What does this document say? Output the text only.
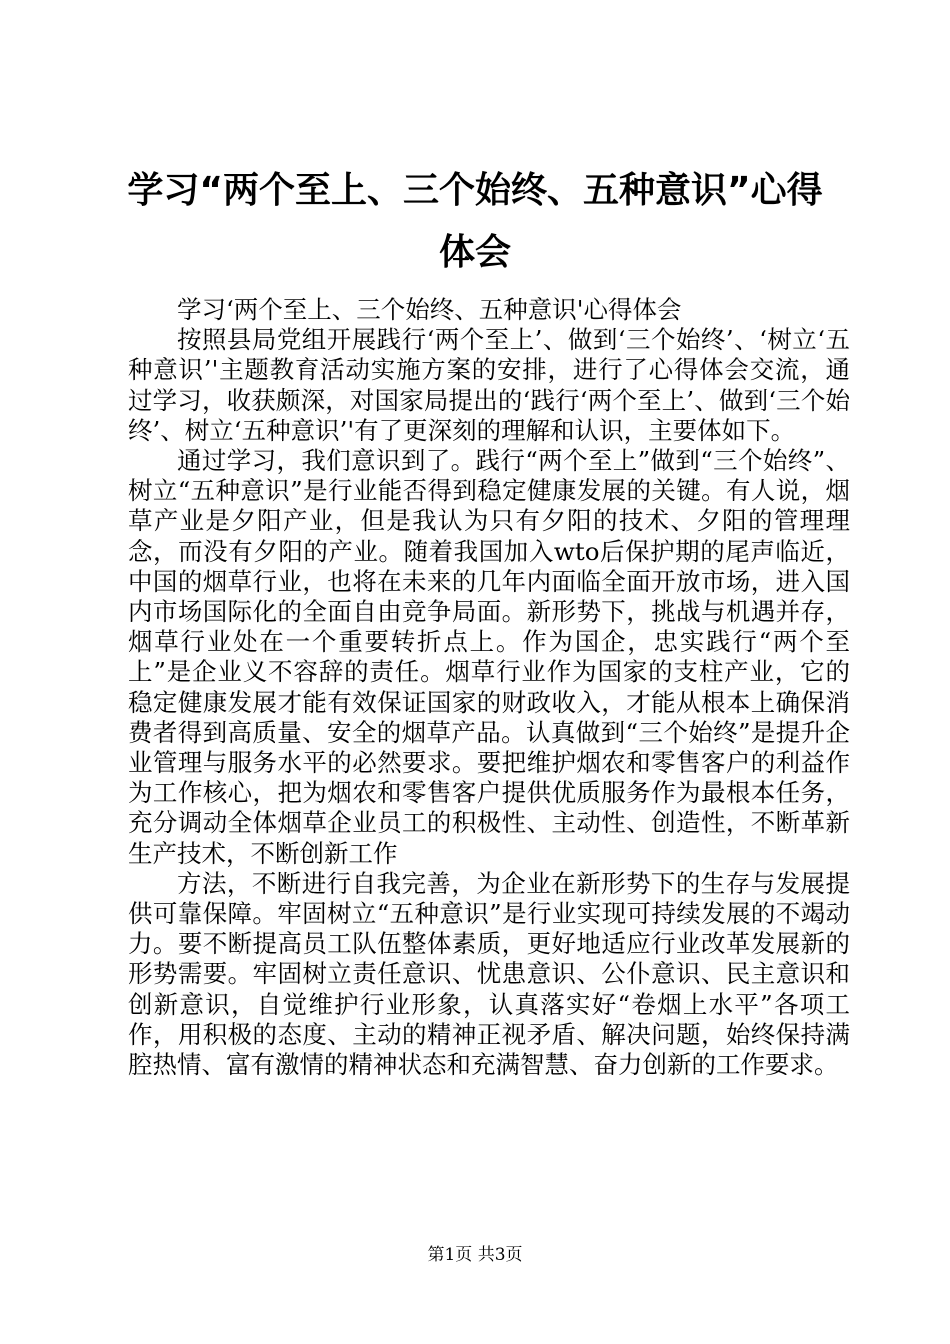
学习“两个至上、三个始终、五种意识”心得体会

学习‘两个至上、三个始终、五种意识'心得体会

按照县局党组开展践行‘两个至上’、做到‘三个始终’、‘树立‘五种意识’'主题教育活动实施方案的安排，进行了心得体会交流，通过学习，收获颇深，对国家局提出的‘践行‘两个至上’、做到‘三个始终’、树立‘五种意识’'有了更深刻的理解和认识，主要体如下。

通过学习，我们意识到了。践行“两个至上”做到“三个始终”、树立“五种意识”是行业能否得到稳定健康发展的关键。有人说，烟草产业是夕阳产业，但是我认为只有夕阳的技术、夕阳的管理理念，而没有夕阳的产业。随着我国加入wto后保护期的尾声临近，中国的烟草行业，也将在未来的几年内面临全面开放市场，进入国内市场国际化的全面自由竞争局面。新形势下，挑战与机遇并存，烟草行业处在一个重要转折点上。作为国企，忠实践行“两个至上”是企业义不容辞的责任。烟草行业作为国家的支柱产业，它的稳定健康发展才能有效保证国家的财政收入，才能从根本上确保消费者得到高质量、安全的烟草产品。认真做到“三个始终”是提升企业管理与服务水平的必然要求。要把维护烟农和零售客户的利益作为工作核心，把为烟农和零售客户提供优质服务作为最根本任务，充分调动全体烟草企业员工的积极性、主动性、创造性，不断革新生产技术，不断创新工作

方法，不断进行自我完善，为企业在新形势下的生存与发展提供可靠保障。牢固树立“五种意识”是行业实现可持续发展的不竭动力。要不断提高员工队伍整体素质，更好地适应行业改革发展新的形势需要。牢固树立责任意识、忧患意识、公仆意识、民主意识和创新意识，自觉维护行业形象，认真落实好“卷烟上水平”各项工作，用积极的态度、主动的精神正视矛盾、解决问题，始终保持满腔热情、富有激情的精神状态和充满智慧、奋力创新的工作要求。

第1页 共3页
